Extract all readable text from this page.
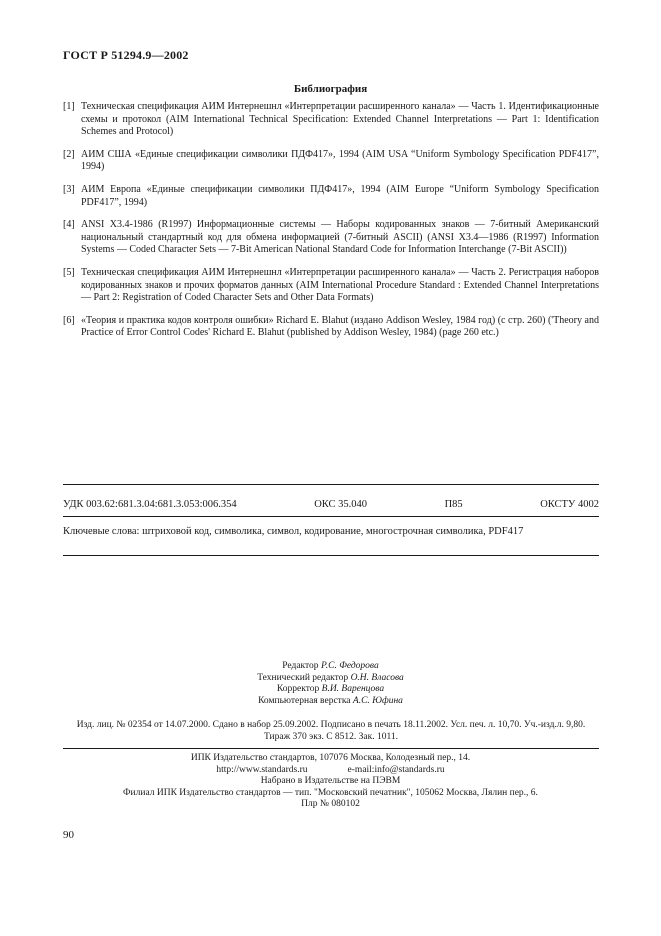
ГОСТ Р 51294.9—2002
Библиография
[1] Техническая спецификация АИМ Интернешнл «Интерпретации расширенного канала» — Часть 1. Идентификационные схемы и протокол (AIM International Technical Specification: Extended Channel Interpretations — Part 1: Identification Schemes and Protocol)
[2] АИМ США «Единые спецификации символики ПДФ417», 1994 (AIM USA “Uniform Symbology Specification PDF417”, 1994)
[3] АИМ Европа «Единые спецификации символики ПДФ417», 1994 (AIM Europe “Uniform Symbology Specification PDF417”, 1994)
[4] ANSI X3.4-1986 (R1997) Информационные системы — Наборы кодированных знаков — 7-битный Американский национальный стандартный код для обмена информацией (7-битный ASCII) (ANSI X3.4—1986 (R1997) Information Systems — Coded Character Sets — 7-Bit American National Standard Code for Information Interchange (7-Bit ASCII))
[5] Техническая спецификация АИМ Интернешнл «Интерпретации расширенного канала» — Часть 2. Регистрация наборов кодированных знаков и прочих форматов данных (AIM International Procedure Standard : Extended Channel Interpretations — Part 2: Registration of Coded Character Sets and Other Data Formats)
[6] «Теория и практика кодов контроля ошибки» Richard E. Blahut (издано Addison Wesley, 1984 год) (с стр. 260) ('Theory and Practice of Error Control Codes' Richard E. Blahut (published by Addison Wesley, 1984) (page 260 etc.)
УДК 003.62:681.3.04:681.3.053:006.354	ОКС 35.040	П85	ОКСТУ 4002
Ключевые слова: штриховой код, символика, символ, кодирование, многострочная символика, PDF417
Редактор Р.С. Федорова
Технический редактор О.Н. Власова
Корректор В.И. Варенцова
Компьютерная верстка А.С. Юфина
Изд. лиц. № 02354 от 14.07.2000. Сдано в набор 25.09.2002. Подписано в печать 18.11.2002. Усл. печ. л. 10,70. Уч.-изд.л. 9,80.
Тираж 370 экз. С 8512. Зак. 1011.
ИПК Издательство стандартов, 107076 Москва, Колодезный пер., 14.
http://www.standards.ru	e-mail:info@standards.ru
Набрано в Издательстве на ПЭВМ
Филиал ИПК Издательство стандартов — тип. "Московский печатник", 105062 Москва, Лялин пер., 6.
Плр № 080102
90
